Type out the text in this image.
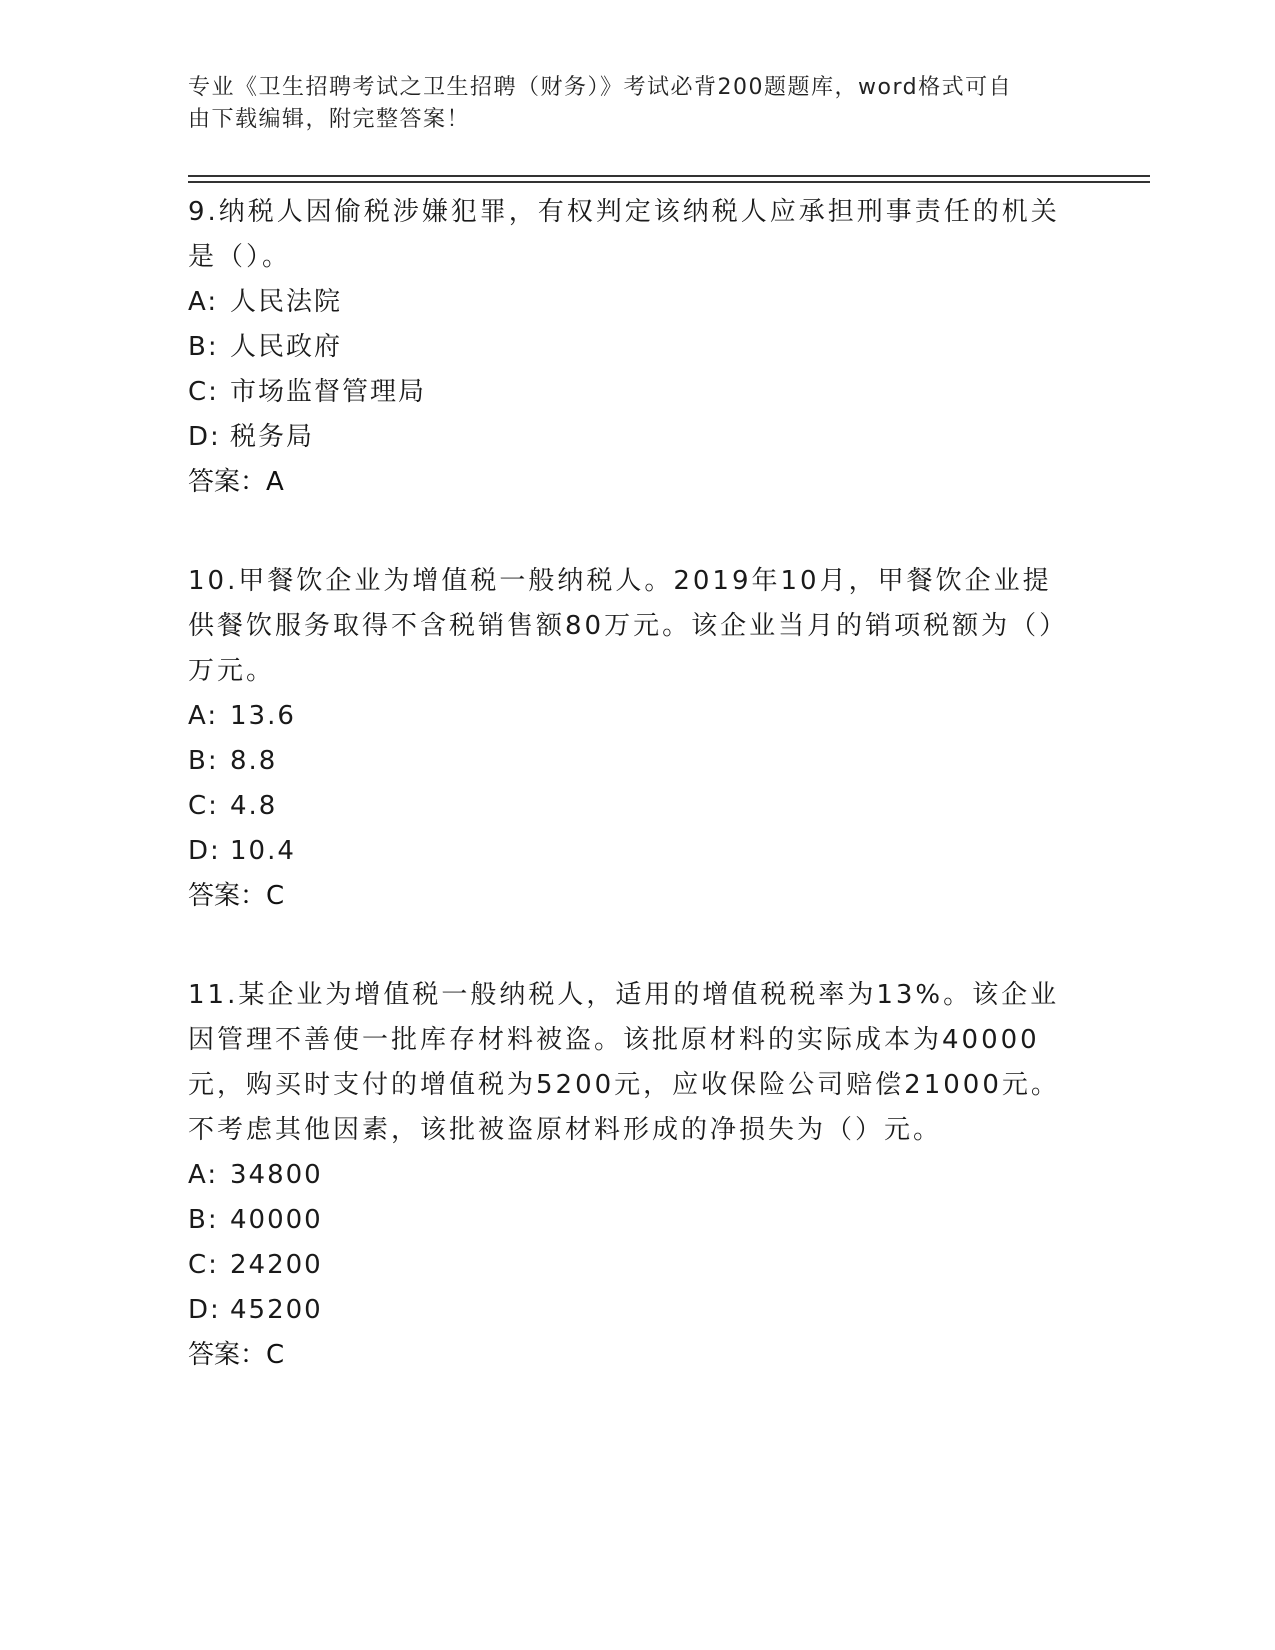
专业《卫生招聘考试之卫生招聘（财务）》考试必背200题题库，word格式可自
由下载编辑，附完整答案！

9.纳税人因偷税涉嫌犯罪，有权判定该纳税人应承担刑事责任的机关是（）。

A: 人民法院

B: 人民政府

C: 市场监督管理局

D: 税务局

答案：A

10.甲餐饮企业为增值税一般纳税人。2019年10月，甲餐饮企业提供餐饮服务取得不含税销售额80万元。该企业当月的销项税额为（）万元。

A: 13.6

B: 8.8

C: 4.8

D: 10.4

答案：C

11.某企业为增值税一般纳税人，适用的增值税税率为13%。该企业因管理不善使一批库存材料被盗。该批原材料的实际成本为40000元，购买时支付的增值税为5200元，应收保险公司赔偿21000元。不考虑其他因素，该批被盗原材料形成的净损失为（）元。

A: 34800

B: 40000

C: 24200

D: 45200

答案：C
